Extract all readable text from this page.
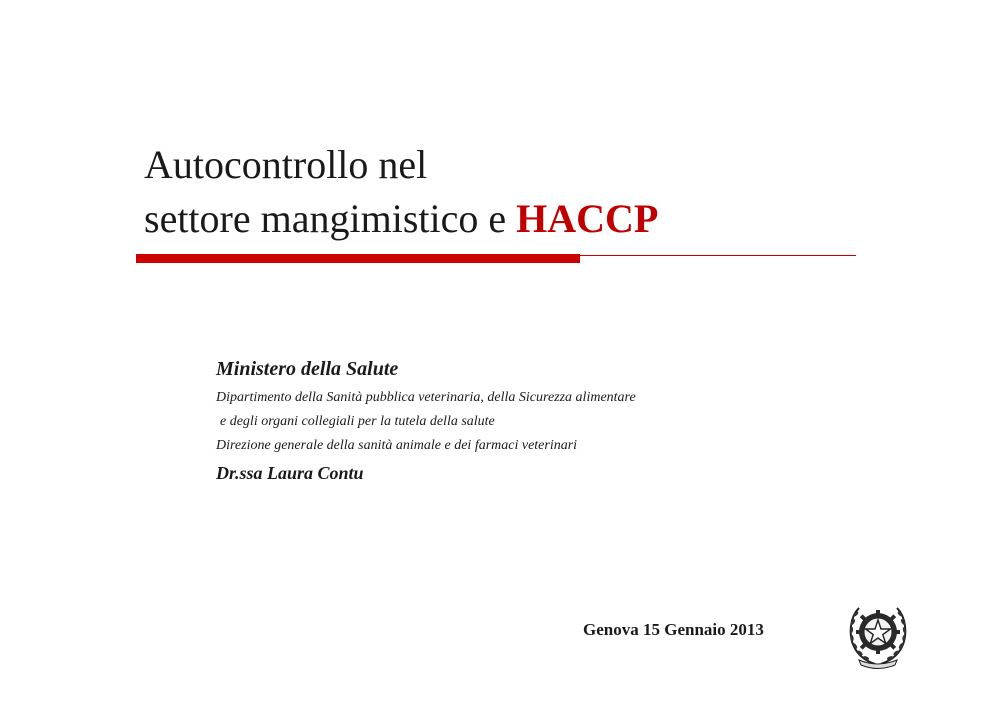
Autocontrollo nel
settore mangimistico e HACCP
Ministero della Salute
Dipartimento della Sanità pubblica veterinaria, della Sicurezza alimentare
e degli organi collegiali per la tutela della salute
Direzione generale della sanità animale e dei farmaci veterinari
Dr.ssa Laura Contu
Genova 15 Gennaio 2013
